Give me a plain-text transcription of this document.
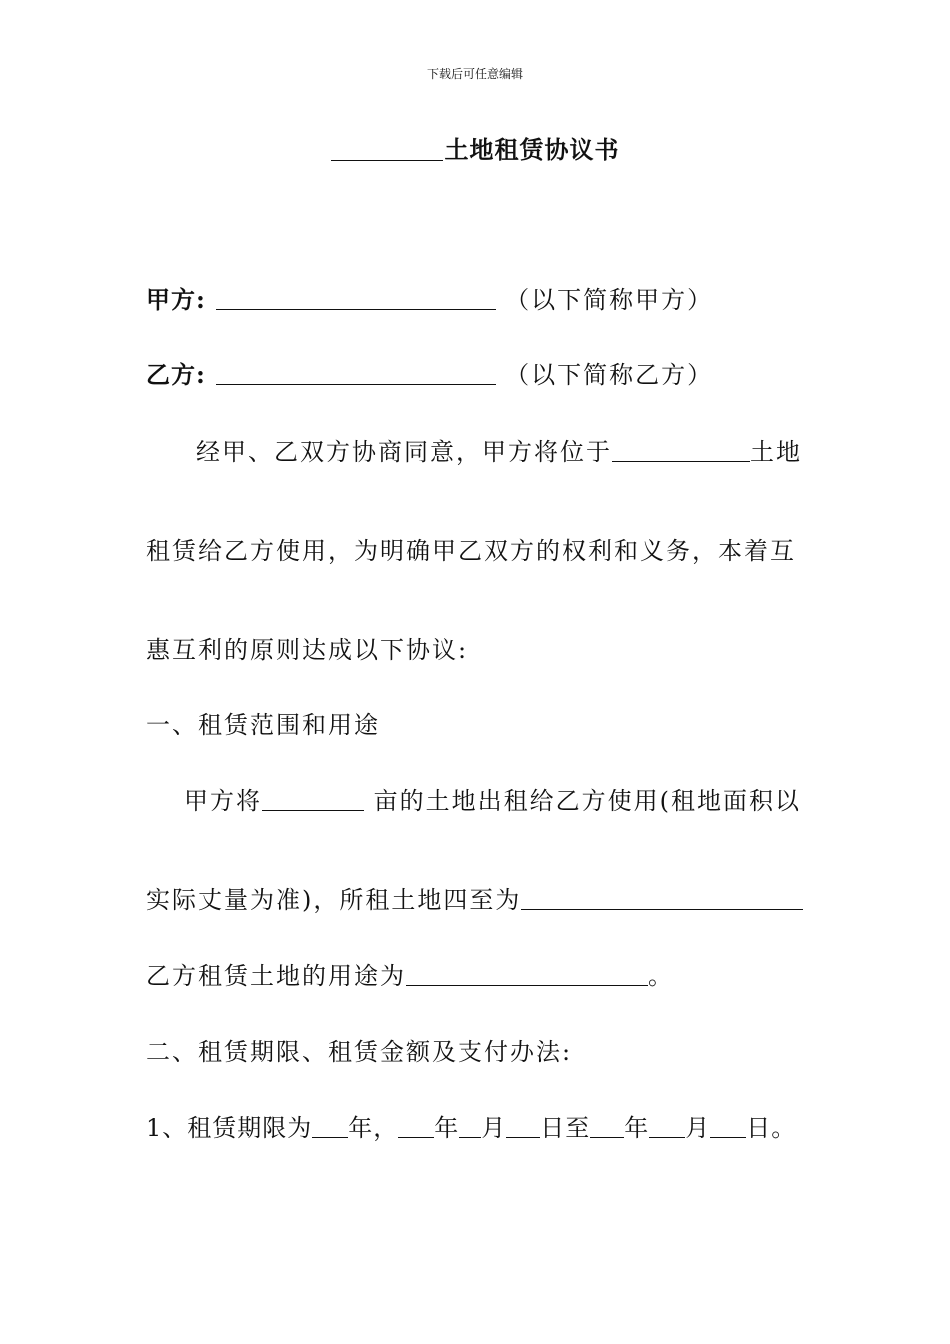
下载后可任意编辑
土地租赁协议书
甲方:	（以下简称甲方）
乙方:	（以下简称乙方）
经甲、乙双方协商同意，甲方将位于	土地
租赁给乙方使用，为明确甲乙双方的权利和义务，本着互
惠互利的原则达成以下协议:
一、租赁范围和用途
甲方将	亩的土地出租给乙方使用(租地面积以
实际丈量为准)，所租土地四至为
乙方租赁土地的用途为	。
二、租赁期限、租赁金额及支付办法:
1、租赁期限为 年， 年 月 日至 年 月 日。
